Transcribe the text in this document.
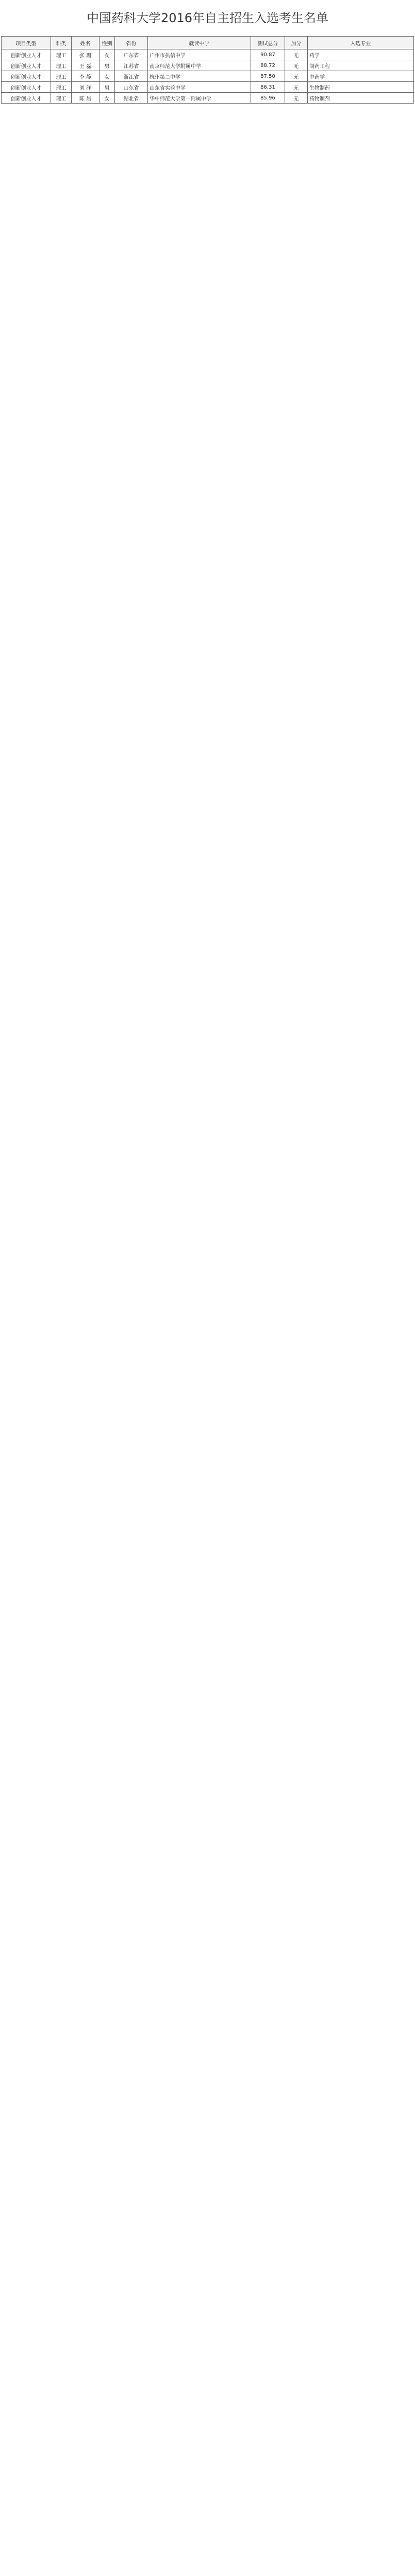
中国药科大学2016年自主招生入选考生名单
项目类型	科类	姓名	性别	省份	就读中学	测试总分	加分	入选专业
创新创业人才	理工	张 珊	女	广东省	广州市执信中学	90.87	无	药学
创新创业人才	理工	王 磊	男	江苏省	南京师范大学附属中学	88.72	无	制药工程
创新创业人才	理工	李 静	女	浙江省	杭州第二中学	87.50	无	中药学
创新创业人才	理工	刘 洋	男	山东省	山东省实验中学	86.31	无	生物制药
创新创业人才	理工	陈 晨	女	湖北省	华中师范大学第一附属中学	85.96	无	药物制剂
